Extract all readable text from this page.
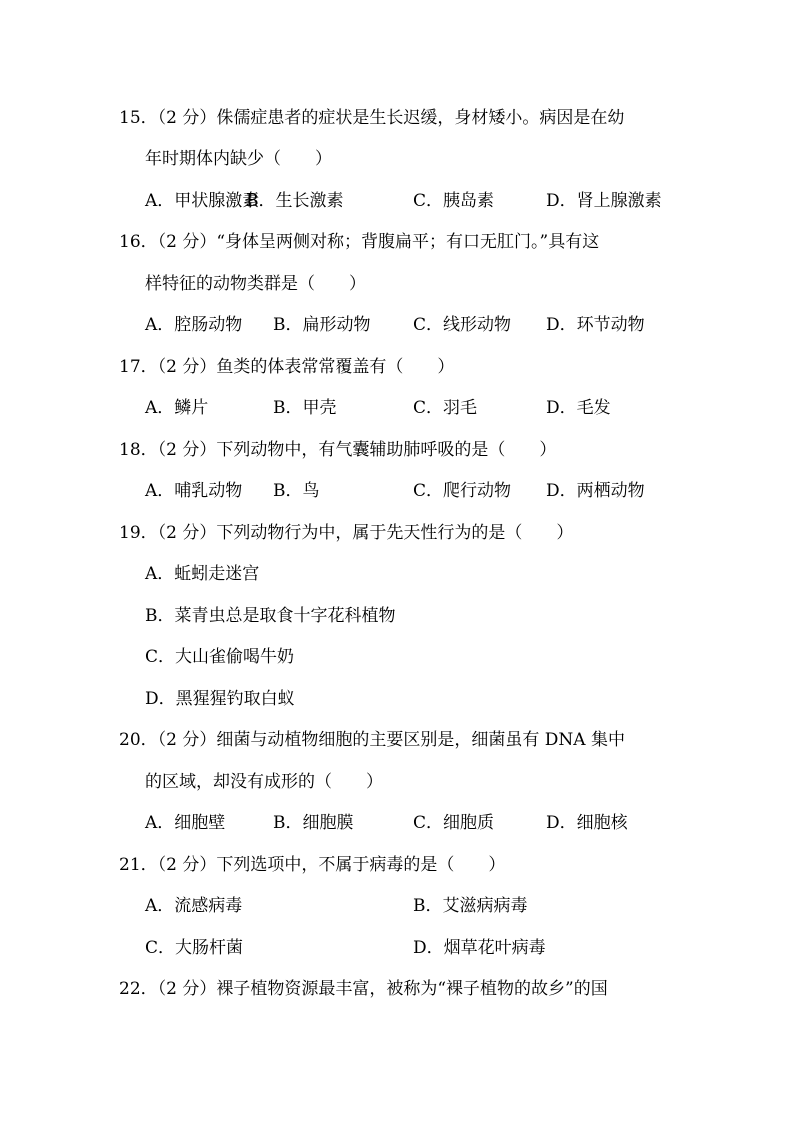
15．（2 分）侏儒症患者的症状是生长迟缓，身材矮小。病因是在幼
年时期体内缺少（　　）
A．甲状腺激素
B．生长激素	C．胰岛素	D．肾上腺激素
16．（2 分）“身体呈两侧对称；背腹扁平；有口无肛门。”具有这
样特征的动物类群是（　　）
A．腔肠动物 B．扁形动物	C．线形动物 D．环节动物
17．（2 分）鱼类的体表常常覆盖有（　　）
A．鳞片	B．甲壳	C．羽毛	D．毛发
18．（2 分）下列动物中，有气囊辅助肺呼吸的是（　　）
A．哺乳动物 B．鸟	C．爬行动物 D．两栖动物
19．（2 分）下列动物行为中，属于先天性行为的是（　　）
A．蚯蚓走迷宫
B．菜青虫总是取食十字花科植物
C．大山雀偷喝牛奶
D．黑猩猩钓取白蚁
20．（2 分）细菌与动植物细胞的主要区别是，细菌虽有 DNA 集中
的区域，却没有成形的（　　）
A．细胞壁	B．细胞膜	C．细胞质	D．细胞核
21．（2 分）下列选项中，不属于病毒的是（　　）
A．流感病毒	B．艾滋病病毒
C．大肠杆菌	D．烟草花叶病毒
22．（2 分）裸子植物资源最丰富，被称为“裸子植物的故乡”的国
